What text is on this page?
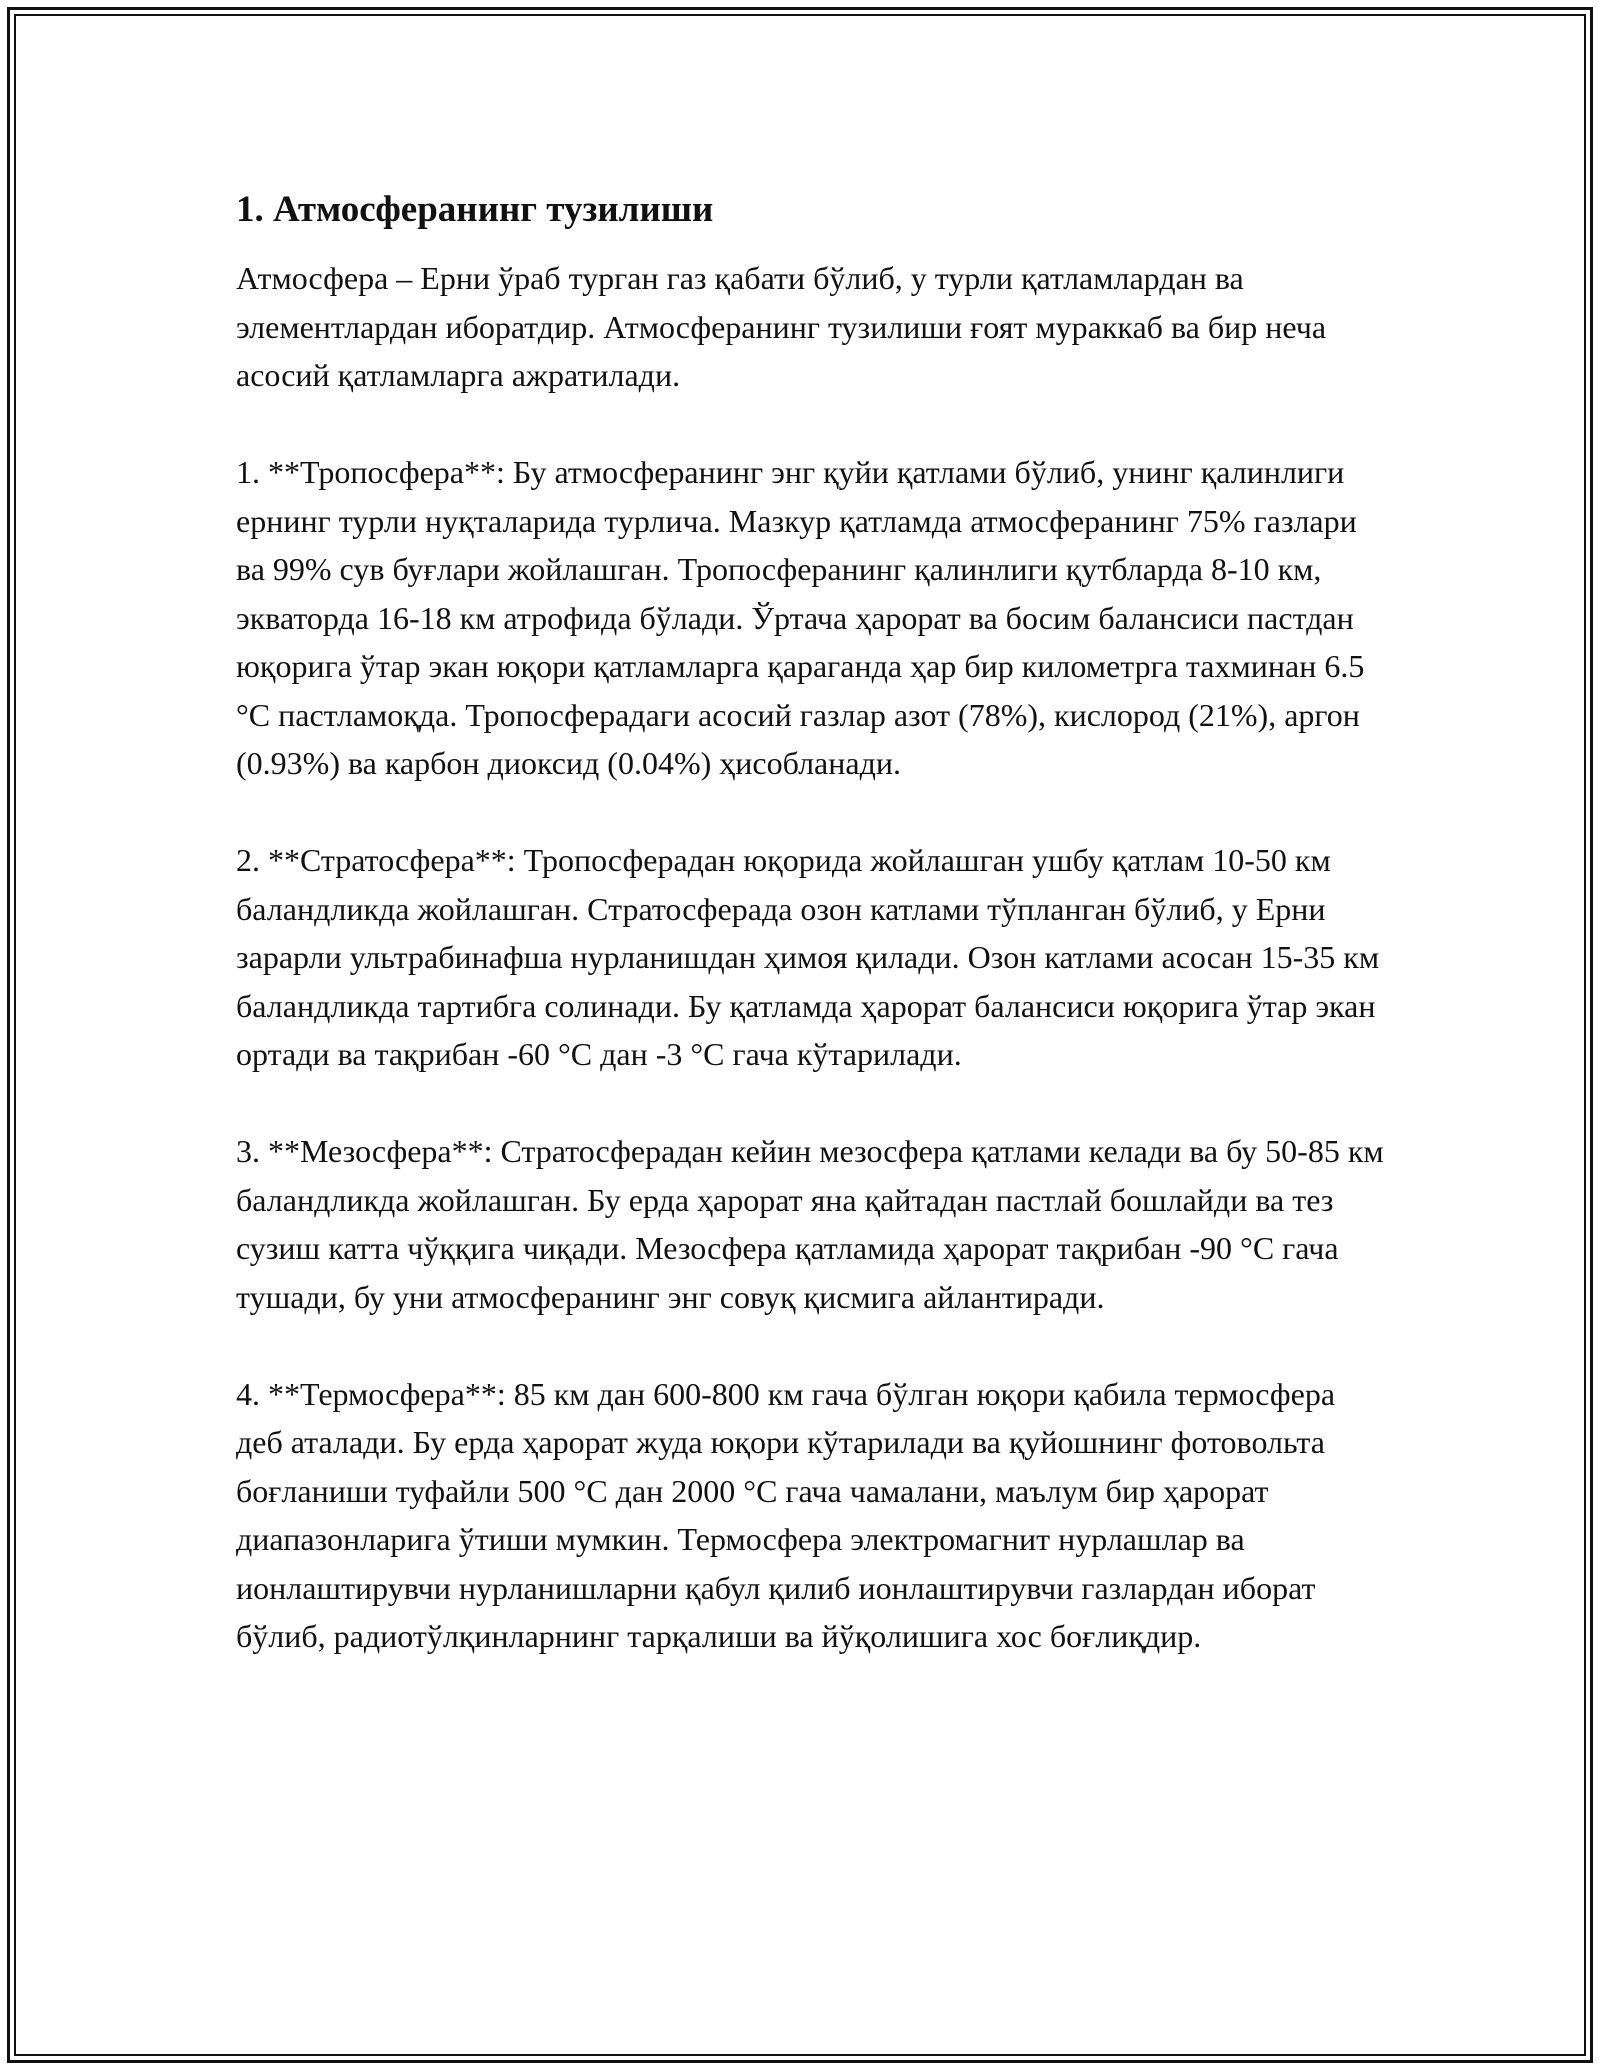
1. Атмосферанинг тузилиши

Атмосфера – Ерни ўраб турган газ қабати бўлиб, у турли қатламлардан ва элементлардан иборатдир. Атмосферанинг тузилиши ғоят мураккаб ва бир неча асосий қатламларга ажратилади.

1. **Тропосфера**: Бу атмосферанинг энг қуйи қатлами бўлиб, унинг қалинлиги ернинг турли нуқталарида турлича. Мазкур қатламда атмосферанинг 75% газлари ва 99% сув буғлари жойлашган. Тропосферанинг қалинлиги қутбларда 8-10 км, экваторда 16-18 км атрофида бўлади. Ўртача ҳарорат ва босим балансиси пастдан юқорига ўтар экан юқори қатламларга қараганда ҳар бир километрга тахминан 6.5 °C пастламоқда. Тропосферадаги асосий газлар азот (78%), кислород (21%), аргон (0.93%) ва карбон диоксид (0.04%) ҳисобланади.

2. **Стратосфера**: Тропосферадан юқорида жойлашган ушбу қатлам 10-50 км баландликда жойлашган. Стратосферада озон катлами тўпланган бўлиб, у Ерни зарарли ультрабинафша нурланишдан ҳимоя қилади. Озон катлами асосан 15-35 км баландликда тартибга солинади. Бу қатламда ҳарорат балансиси юқорига ўтар экан ортади ва тақрибан -60 °C дан -3 °C гача кўтарилади.

3. **Мезосфера**: Стратосферадан кейин мезосфера қатлами келади ва бу 50-85 км баландликда жойлашган. Бу ерда ҳарорат яна қайтадан пастлай бошлайди ва тез сузиш катта чўққига чиқади. Мезосфера қатламида ҳарорат тақрибан -90 °C гача тушади, бу уни атмосферанинг энг совуқ қисмига айлантиради.

4. **Термосфера**: 85 км дан 600-800 км гача бўлган юқори қабила термосфера деб аталади. Бу ерда ҳарорат жуда юқори кўтарилади ва қуйошнинг фотовольта боғланиши туфайли 500 °C дан 2000 °C гача чамалани, маълум бир ҳарорат диапазонларига ўтиши мумкин. Термосфера электромагнит нурлашлар ва ионлаштирувчи нурланишларни қабул қилиб ионлаштирувчи газлардан иборат бўлиб, радиотўлқинларнинг тарқалиши ва йўқолишига хос боғлиқдир.
